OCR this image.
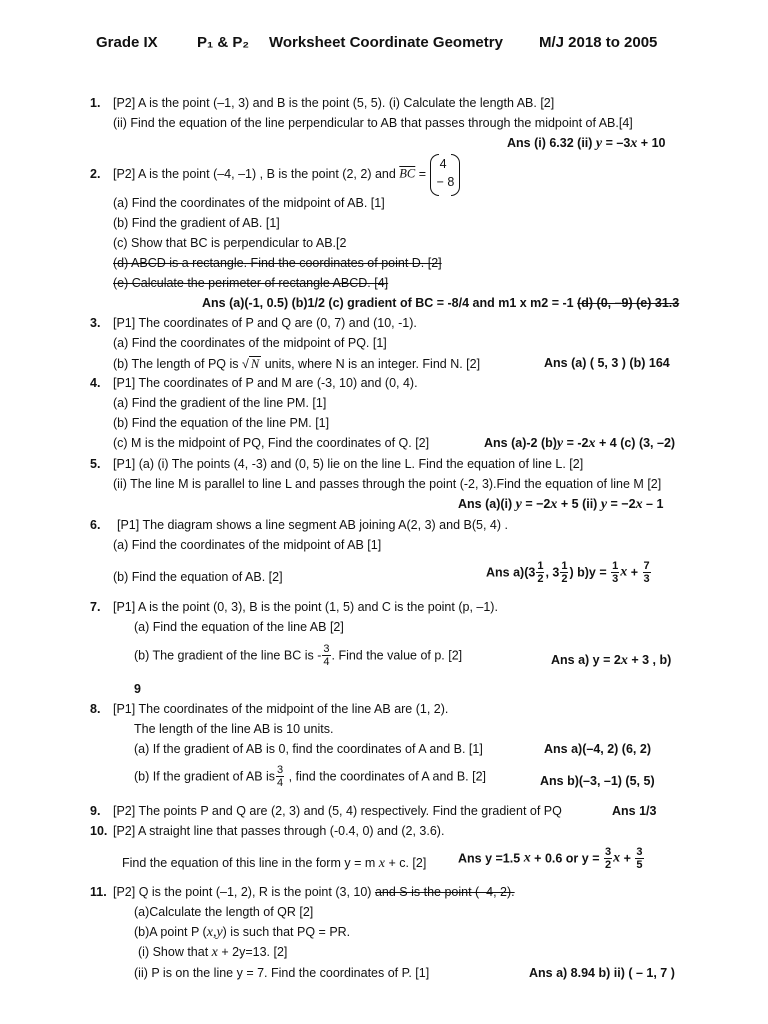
Grade IX	P₁ & P₂ Worksheet Coordinate Geometry M/J 2018 to 2005
1. [P2] A is the point (–1, 3) and B is the point (5, 5). (i) Calculate the length AB. [2]
(ii) Find the equation of the line perpendicular to AB that passes through the midpoint of AB.[4]
Ans (i) 6.32 (ii) y = –3x + 10
2. [P2] A is the point (–4, –1) , B is the point (2, 2) and $\overline{BC}$ =
4
− 8
(a) Find the coordinates of the midpoint of AB. [1]
(b) Find the gradient of AB. [1]
(c) Show that BC is perpendicular to AB.[2
(d) ABCD is a rectangle. Find the coordinates of point D. [2]
(e) Calculate the perimeter of rectangle ABCD. [4]
Ans (a)(-1, 0.5) (b)1/2 (c) gradient of BC = -8/4 and m1 x m2 = -1 (d) (0, –9) (e) 31.3
3. [P1] The coordinates of P and Q are (0, 7) and (10, -1).
(a) Find the coordinates of the midpoint of PQ. [1]
(b) The length of PQ is √ N units, where N is an integer. Find N. [2]	Ans (a) ( 5, 3 ) (b) 164
4. [P1] The coordinates of P and M are (-3, 10) and (0, 4).
(a) Find the gradient of the line PM. [1]
(b) Find the equation of the line PM. [1]
(c) M is the midpoint of PQ, Find the coordinates of Q. [2]	Ans (a)-2 (b)y = -2x + 4 (c) (3, –2)
5. [P1] (a) (i) The points (4, -3) and (0, 5) lie on the line L. Find the equation of line L. [2]
(ii) The line M is parallel to line L and passes through the point (-2, 3).Find the equation of line M [2]
Ans (a)(i) y = −2x + 5 (ii) y = −2x – 1
6. [P1] The diagram shows a line segment AB joining A(2, 3) and B(5, 4) .
(a) Find the coordinates of the midpoint of AB [1]
(b) Find the equation of AB. [2]	Ans $a)(3 \frac{1}{2}$ , $3 \frac{1}{2}$ ) $b)y = \frac{1}{3}$ $x + \frac{7}{3}$
7. [P1] A is the point (0, 3), B is the point (1, 5) and C is the point (p, –1).
(a) Find the equation of the line AB [2]
(b) The gradient of the line BC is - $\frac{3}{4}$ . Find the value of p. [2]	Ans a) y = 2x + 3 , b)
9
8. [P1] The coordinates of the midpoint of the line AB are (1, 2).
The length of the line AB is 10 units.
(a) If the gradient of AB is 0, find the coordinates of A and B. [1]	Ans a)(–4, 2) (6, 2)
(b) If the gradient of AB is $\frac{3}{4}$ , find the coordinates of A and B. [2]	Ans b)(–3, –1) (5, 5)
9. [P2] The points P and Q are (2, 3) and (5, 4) respectively. Find the gradient of PQ	Ans 1/3
10. [P2] A straight line that passes through (-0.4, 0) and (2, 3.6).
Find the equation of this line in the form y = m x + c. [2]	Ans y =1.5 x + 0.6 or $y = \frac{3}{2}$ $x + \frac{3}{5}$
11. [P2] Q is the point (–1, 2), R is the point (3, 10) and S is the point (–4, 2).
(a)Calculate the length of QR [2]
(b)A point P (x,y) is such that PQ = PR.
(i) Show that x + 2y=13. [2]
(ii) P is on the line y = 7. Find the coordinates of P. [1]	Ans a) 8.94 b) ii) ( – 1, 7 )
